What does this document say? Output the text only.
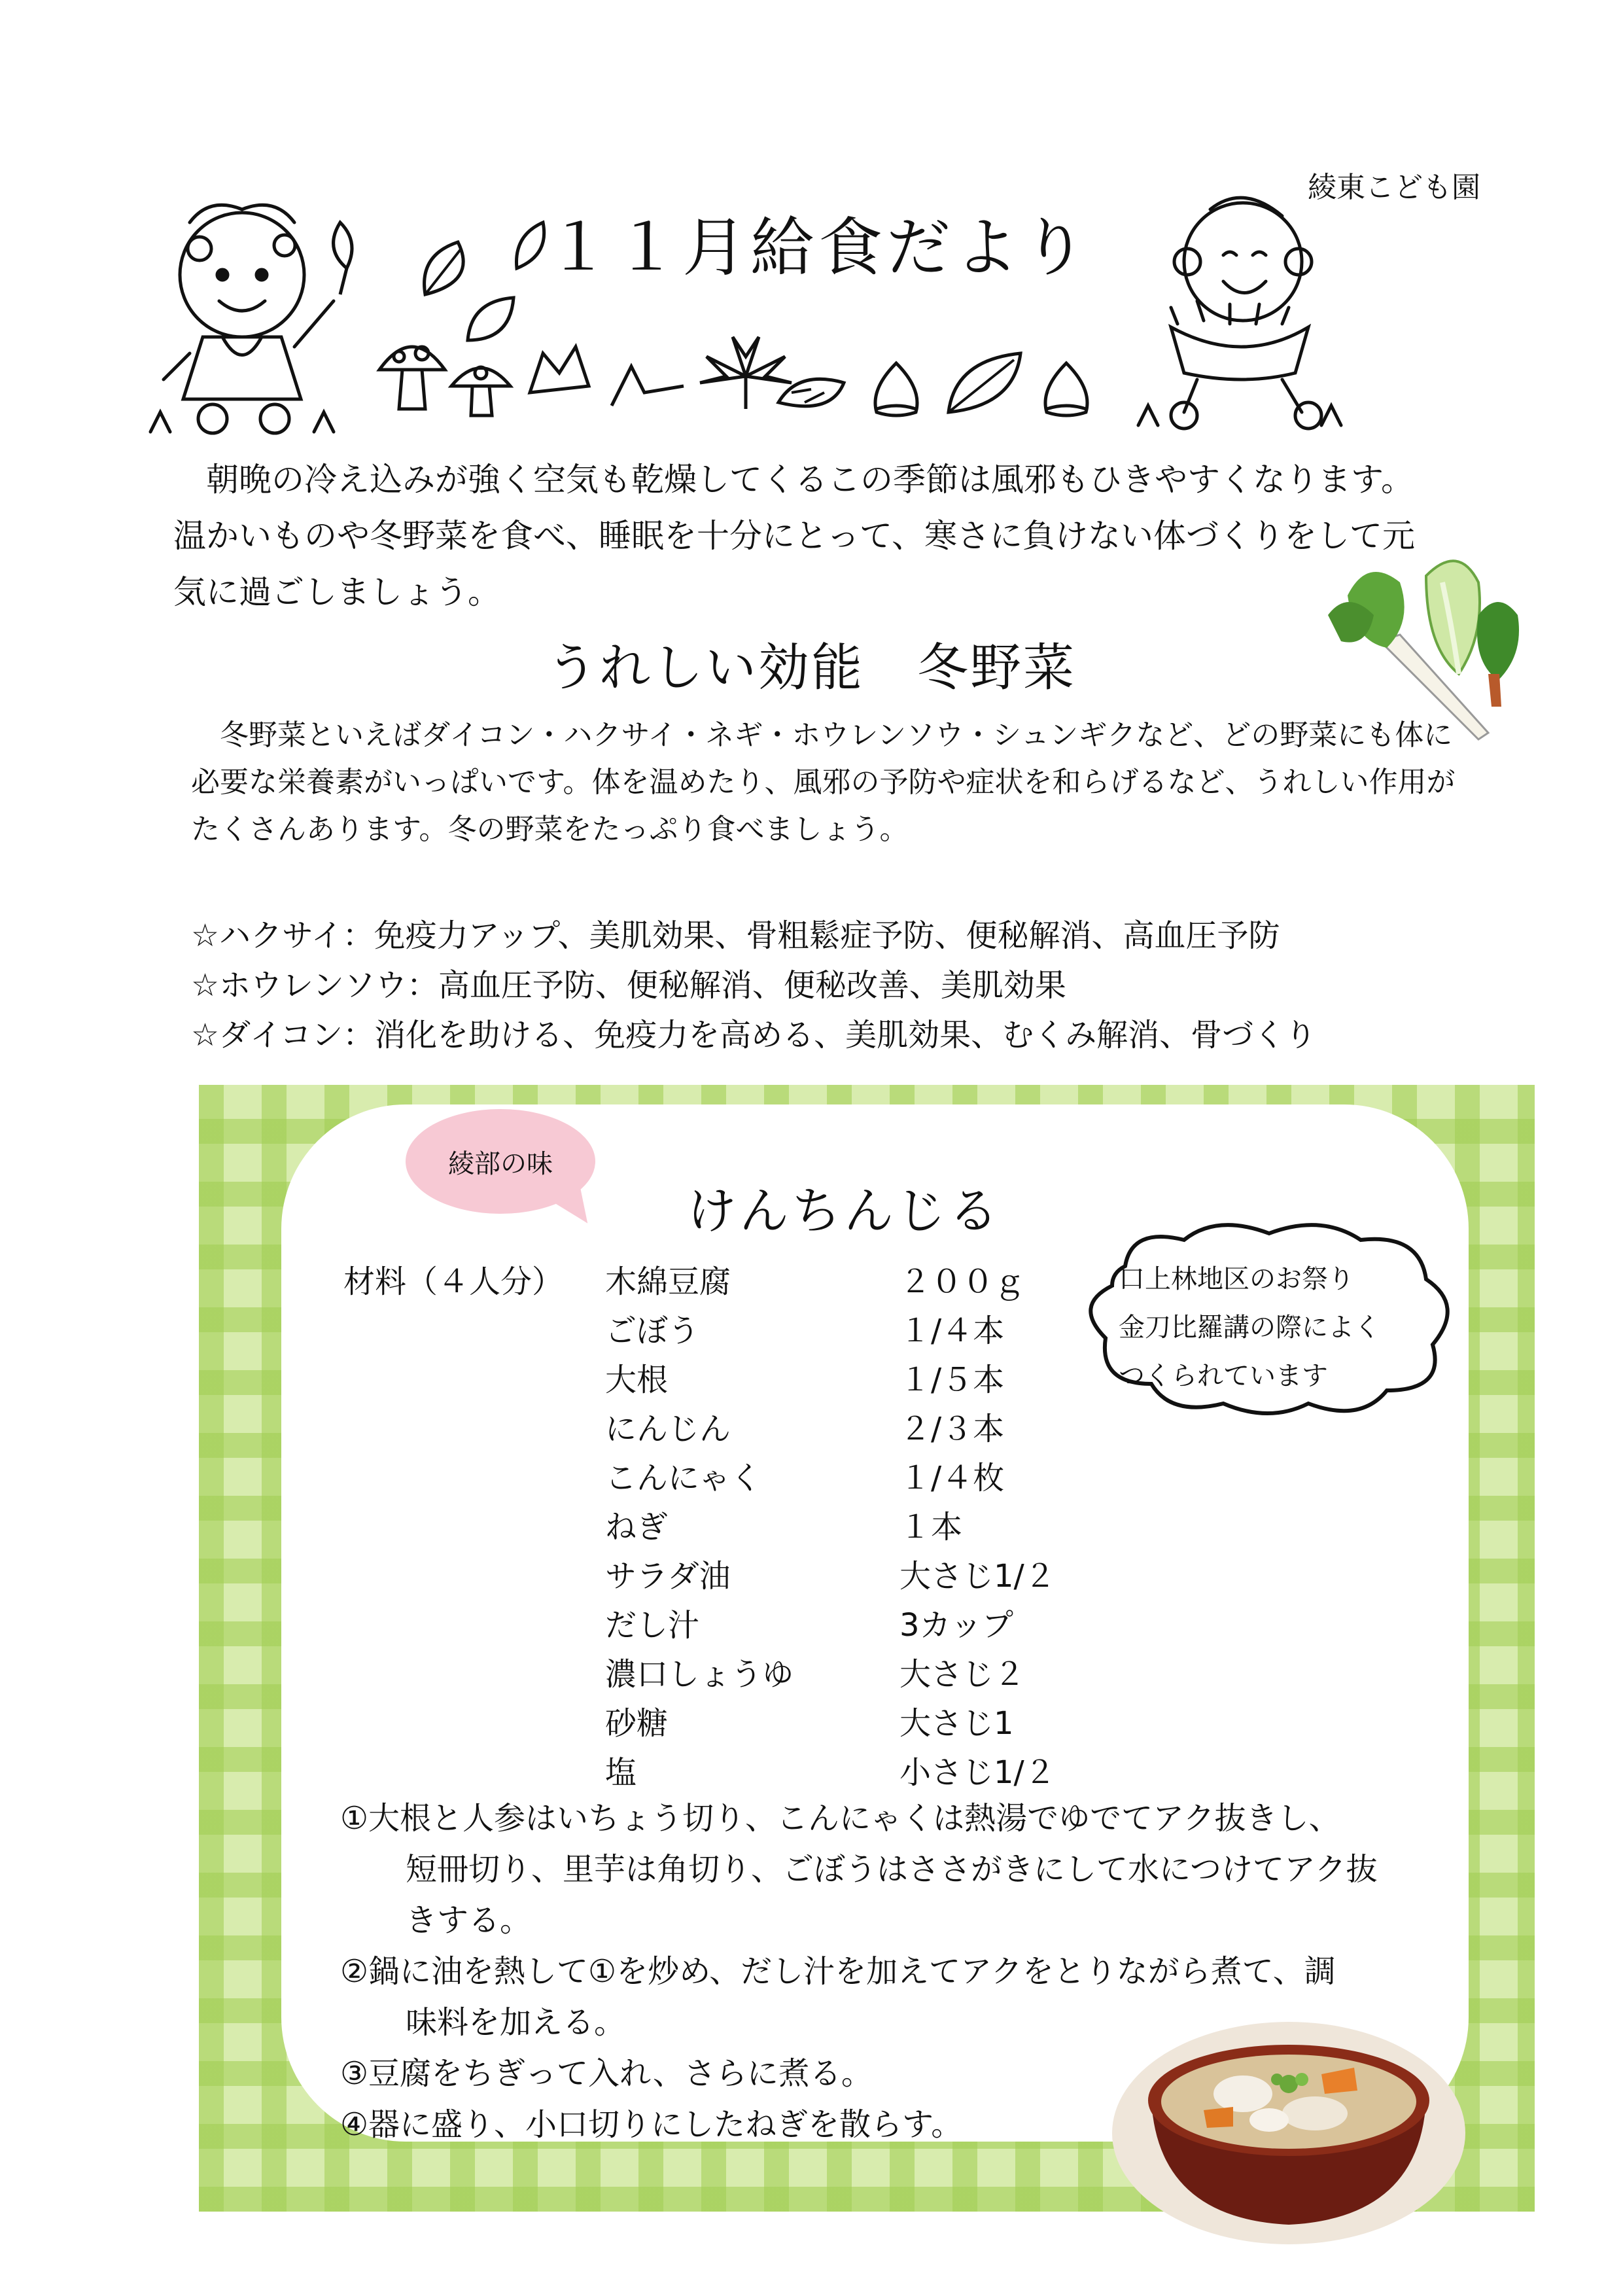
綾東こども園
１１月給食だより

朝晩の冷え込みが強く空気も乾燥してくるこの季節は風邪もひきやすくなります。

温かいものや冬野菜を食べ、睡眠を十分にとって、寒さに負けない体づくりをして元

気に過ごしましょう。

うれしい効能　冬野菜

冬野菜といえばダイコン・ハクサイ・ネギ・ホウレンソウ・シュンギクなど、どの野菜にも体に

必要な栄養素がいっぱいです。体を温めたり、風邪の予防や症状を和らげるなど、うれしい作用が

たくさんあります。冬の野菜をたっぷり食べましょう。

☆ハクサイ：免疫力アップ、美肌効果、骨粗鬆症予防、便秘解消、高血圧予防
☆ホウレンソウ：高血圧予防、便秘解消、便秘改善、美肌効果
☆ダイコン：消化を助ける、免疫力を高める、美肌効果、むくみ解消、骨づくり
綾部の味
けんちんじる
材料（４人分） 木綿豆腐	２００ｇ
ごぼう	１/４本
大根	１/５本
にんじん	２/３本
こんにゃく	１/４枚
ねぎ	１本
サラダ油	大さじ1/２
だし汁	3カップ
濃口しょうゆ	大さじ２
砂糖	大さじ1
塩	小さじ1/２
口上林地区のお祭り
金刀比羅講の際によく
つくられています
①大根と人参はいちょう切り、こんにゃくは熱湯でゆでてアク抜きし、
短冊切り、里芋は角切り、ごぼうはささがきにして水につけてアク抜
きする。
②鍋に油を熱して①を炒め、だし汁を加えてアクをとりながら煮て、調
味料を加える。
③豆腐をちぎって入れ、さらに煮る。
④器に盛り、小口切りにしたねぎを散らす。
